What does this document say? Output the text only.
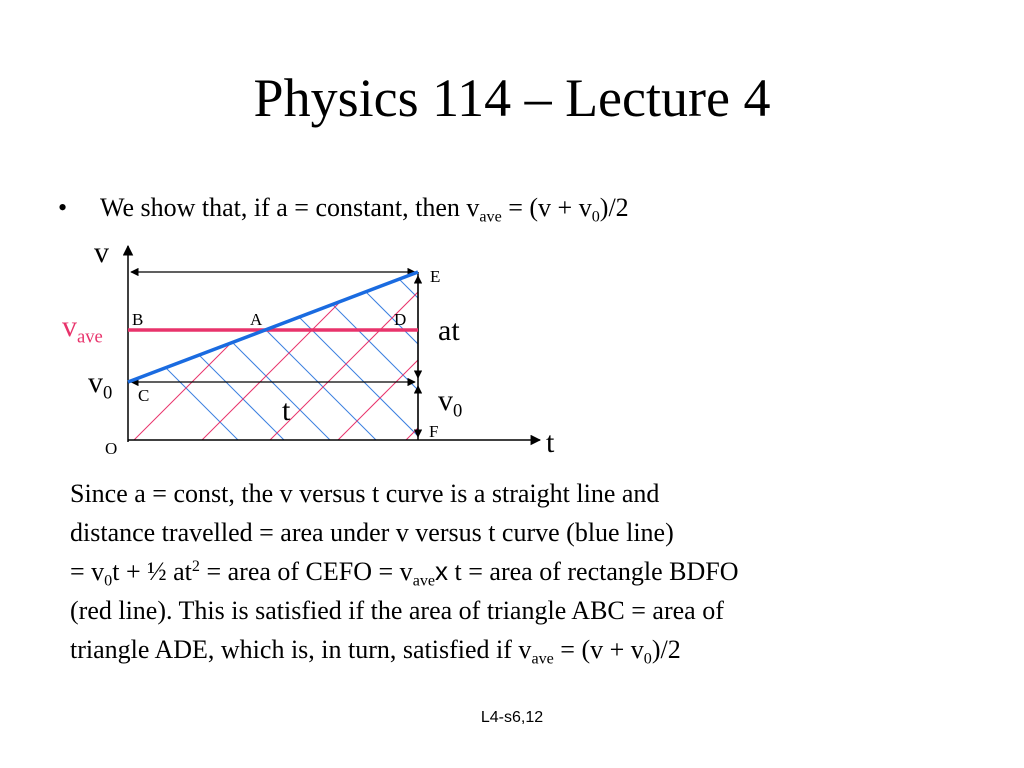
Physics 114 – Lecture 4
• We show that, if a = constant, then $v_{ave} = (v + v_0)/2$
v
t
$v_{ave}$
$v_0$	$v_0$
at
t
E
B	A	D
C
F
O
Since a = const, the v versus t curve is a straight line and
distance travelled = area under v versus t curve (blue line)
= $v_0t$ + ½ $at^2$ = area of CEFO = $v_{ave}x$ t = area of rectangle BDFO
(red line). This is satisfied if the area of triangle ABC = area of
triangle ADE, which is, in turn, satisfied if $v_{ave} = (v + v_0)/2$
L4-s6,12
